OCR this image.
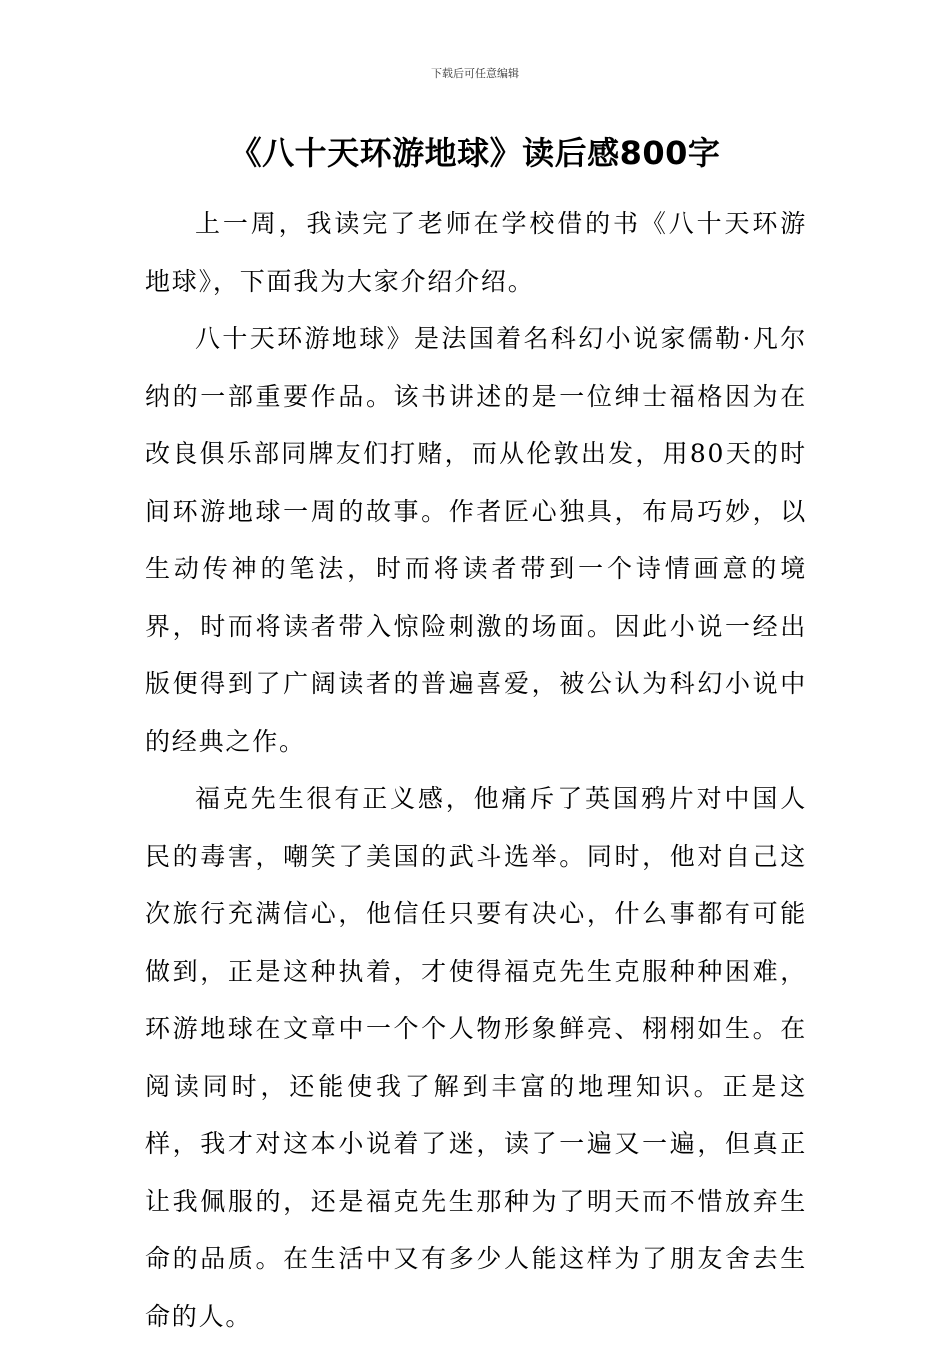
下载后可任意编辑
《八十天环游地球》读后感800字

上一周，我读完了老师在学校借的书《八十天环游地球》，下面我为大家介绍介绍。

八十天环游地球》是法国着名科幻小说家儒勒·凡尔纳的一部重要作品。该书讲述的是一位绅士福格因为在改良俱乐部同牌友们打赌，而从伦敦出发，用80天的时间环游地球一周的故事。作者匠心独具，布局巧妙，以生动传神的笔法，时而将读者带到一个诗情画意的境界，时而将读者带入惊险刺激的场面。因此小说一经出版便得到了广阔读者的普遍喜爱，被公认为科幻小说中的经典之作。

福克先生很有正义感，他痛斥了英国鸦片对中国人民的毒害，嘲笑了美国的武斗选举。同时，他对自己这次旅行充满信心，他信任只要有决心，什么事都有可能做到，正是这种执着，才使得福克先生克服种种困难，环游地球在文章中一个个人物形象鲜亮、栩栩如生。在阅读同时，还能使我了解到丰富的地理知识。正是这样，我才对这本小说着了迷，读了一遍又一遍，但真正让我佩服的，还是福克先生那种为了明天而不惜放弃生命的品质。在生活中又有多少人能这样为了朋友舍去生命的人。
